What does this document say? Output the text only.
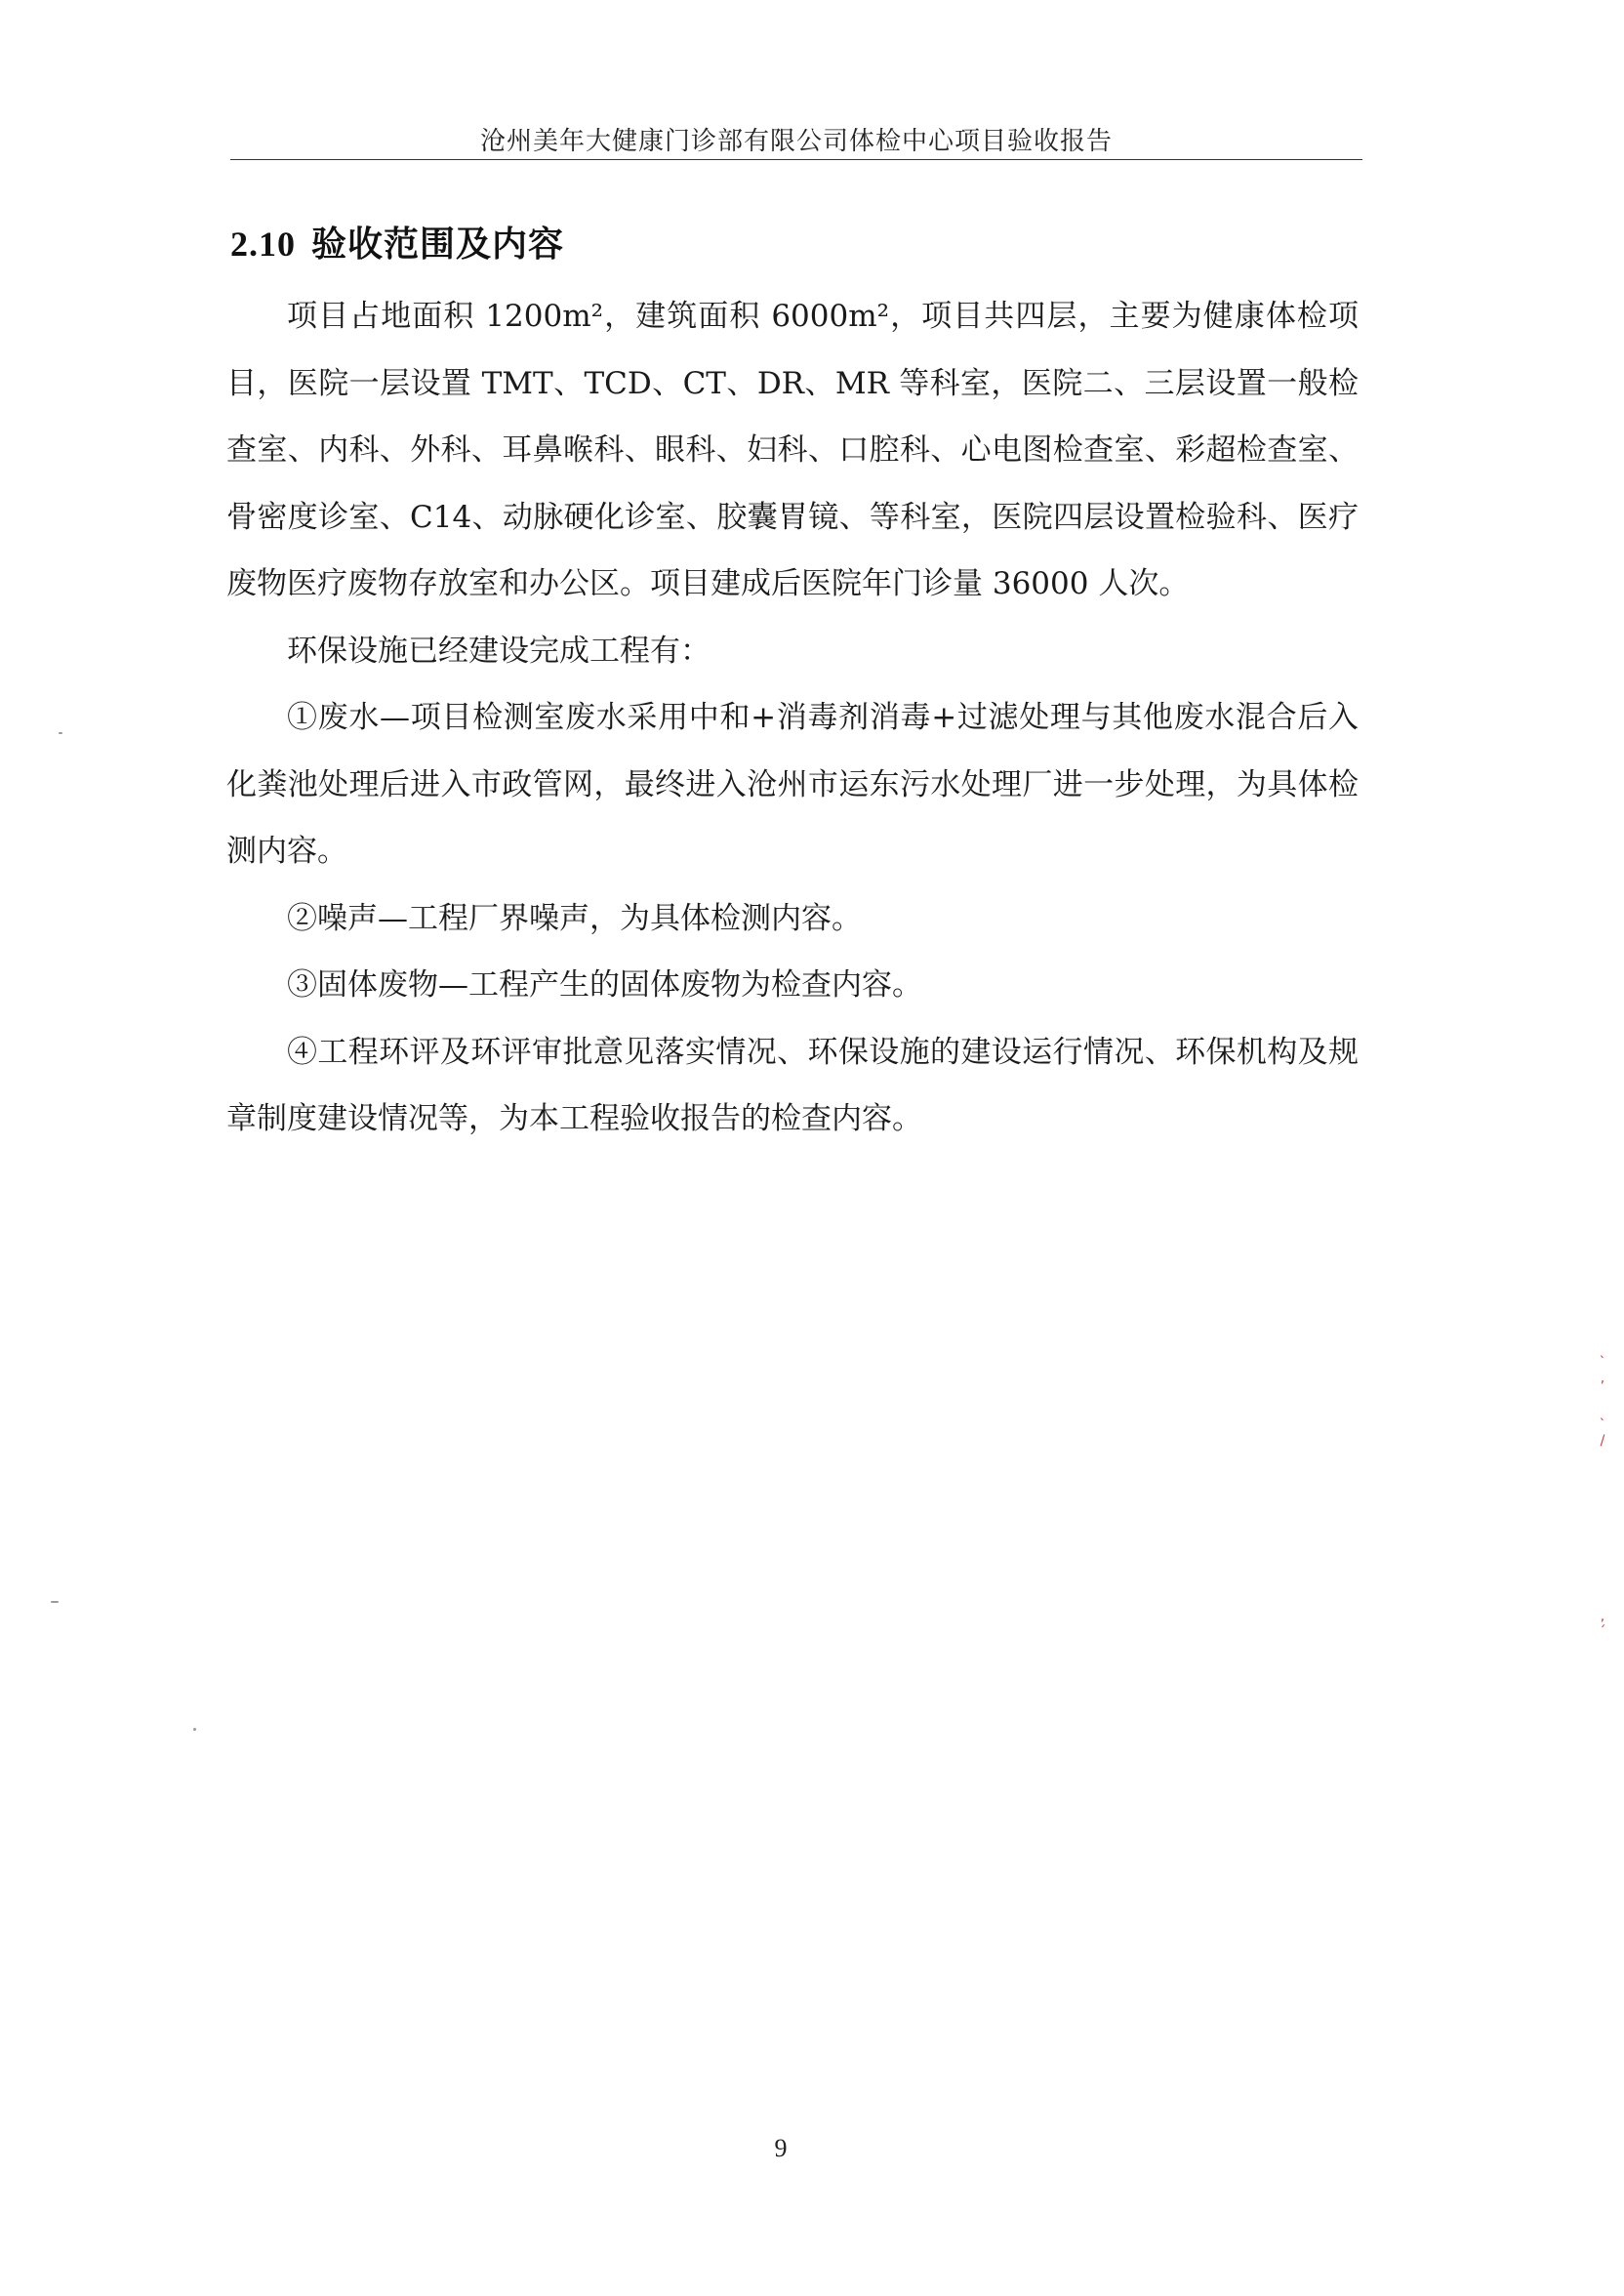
沧州美年大健康门诊部有限公司体检中心项目验收报告
2.10 验收范围及内容

项目占地面积 1200m²，建筑面积 6000m²，项目共四层，主要为健康体检项目，医院一层设置 TMT、TCD、CT、DR、MR 等科室，医院二、三层设置一般检查室、内科、外科、耳鼻喉科、眼科、妇科、口腔科、心电图检查室、彩超检查室、骨密度诊室、C14、动脉硬化诊室、胶囊胃镜、等科室，医院四层设置检验科、医疗废物医疗废物存放室和办公区。项目建成后医院年门诊量 36000 人次。

环保设施已经建设完成工程有：

①废水—项目检测室废水采用中和+消毒剂消毒+过滤处理与其他废水混合后入化粪池处理后进入市政管网，最终进入沧州市运东污水处理厂进一步处理，为具体检测内容。

②噪声—工程厂界噪声，为具体检测内容。

③固体废物—工程产生的固体废物为检查内容。

④工程环评及环评审批意见落实情况、环保设施的建设运行情况、环保机构及规章制度建设情况等，为本工程验收报告的检查内容。

9
`
,
ˋ
/
,
ˊ
